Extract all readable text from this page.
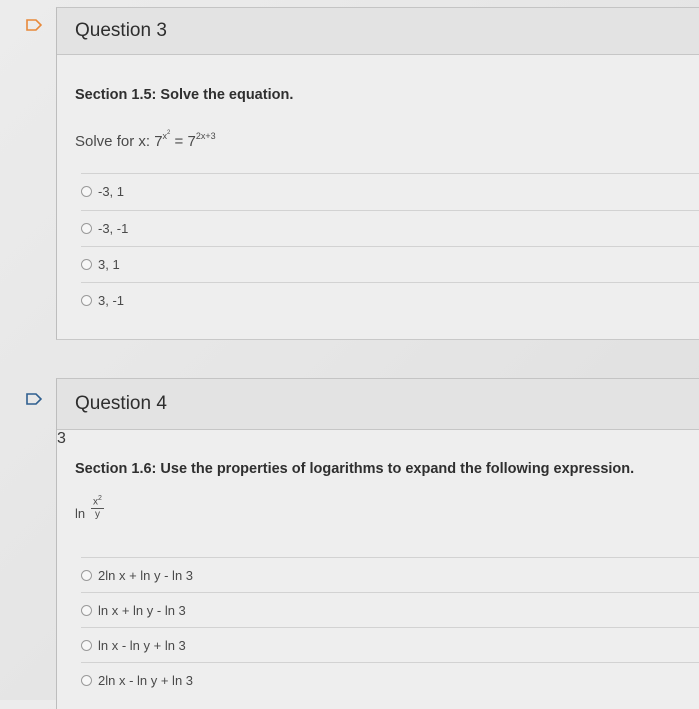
Question 3
Section 1.5: Solve the equation.
Solve for x: $7^{x^2} = 7^{2x+3}$
-3, 1
-3, -1
3, 1
3, -1
Question 4
Section 1.6: Use the properties of logarithms to expand the following expression.
$\ln \frac{x^2}{y}$
3
2ln x + ln y - ln 3
ln x + ln y - ln 3
ln x - ln y + ln 3
2ln x - ln y + ln 3
